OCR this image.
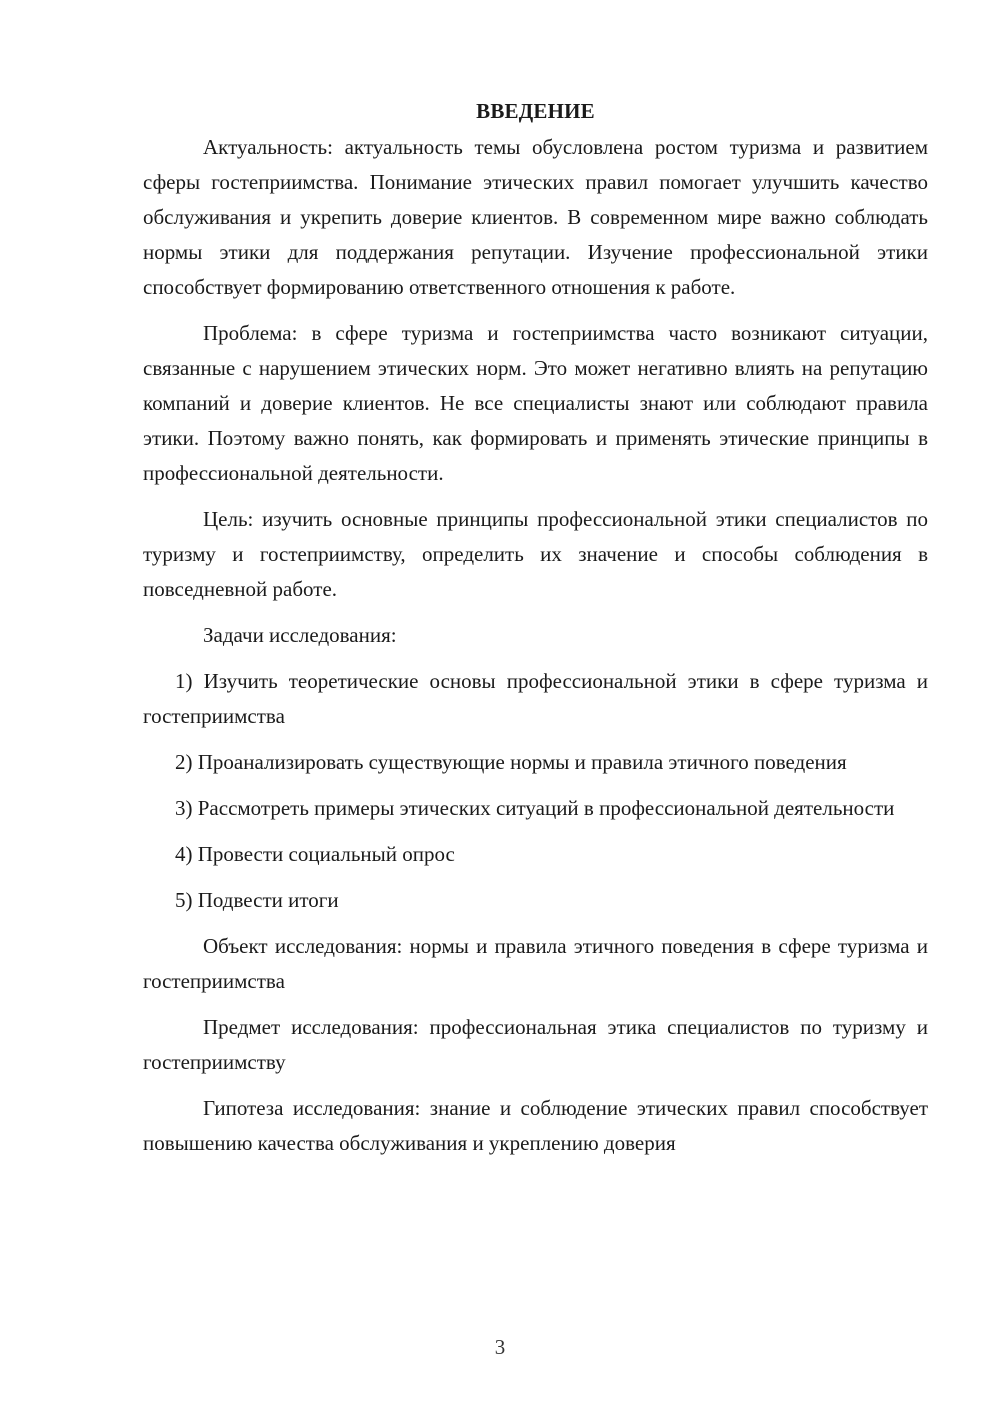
ВВЕДЕНИЕ

Актуальность: актуальность темы обусловлена ростом туризма и развитием сферы гостеприимства. Понимание этических правил помогает улучшить качество обслуживания и укрепить доверие клиентов. В современном мире важно соблюдать нормы этики для поддержания репутации. Изучение профессиональной этики способствует формированию ответственного отношения к работе.

Проблема: в сфере туризма и гостеприимства часто возникают ситуации, связанные с нарушением этических норм. Это может негативно влиять на репутацию компаний и доверие клиентов. Не все специалисты знают или соблюдают правила этики. Поэтому важно понять, как формировать и применять этические принципы в профессиональной деятельности.

Цель: изучить основные принципы профессиональной этики специалистов по туризму и гостеприимству, определить их значение и способы соблюдения в повседневной работе.

Задачи исследования:

1) Изучить теоретические основы профессиональной этики в сфере туризма и гостеприимства

2) Проанализировать существующие нормы и правила этичного поведения

3) Рассмотреть примеры этических ситуаций в профессиональной деятельности

4) Провести социальный опрос

5) Подвести итоги

Объект исследования: нормы и правила этичного поведения в сфере туризма и гостеприимства

Предмет исследования: профессиональная этика специалистов по туризму и гостеприимству

Гипотеза исследования: знание и соблюдение этических правил способствует повышению качества обслуживания и укреплению доверия

3
